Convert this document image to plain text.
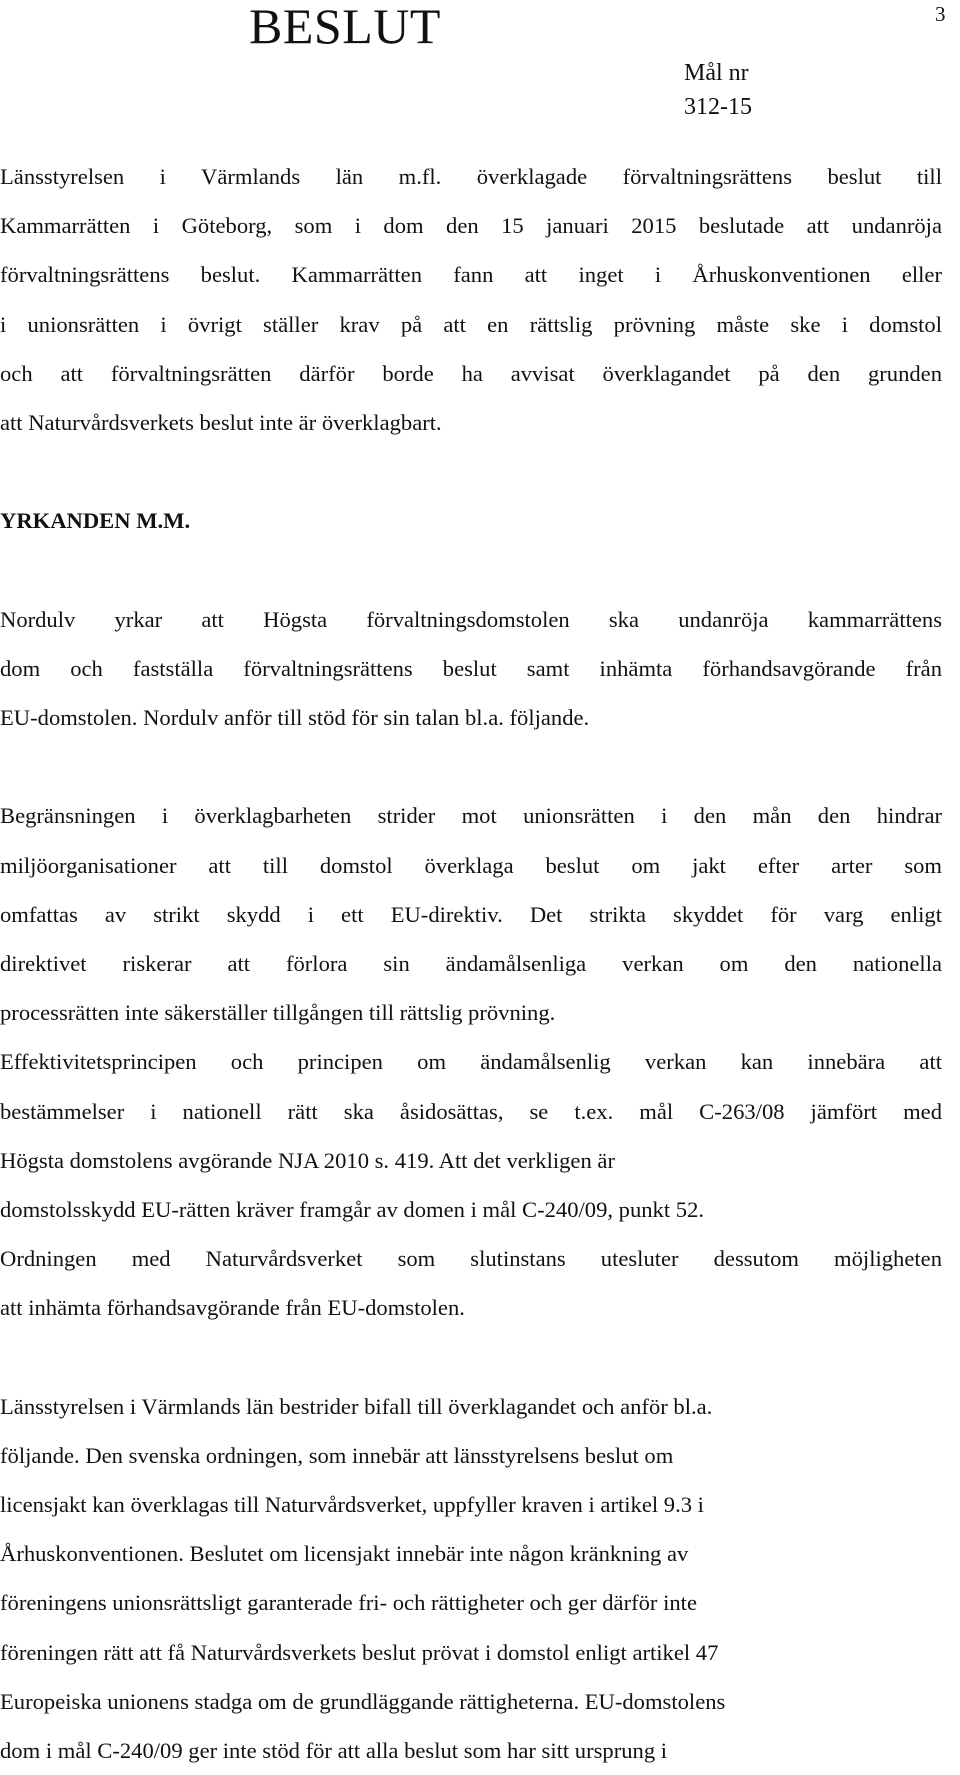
BESLUT	3
Mål nr
312-15
Länsstyrelsen i Värmlands län m.fl. överklagade förvaltningsrättens beslut till
Kammarrätten i Göteborg, som i dom den 15 januari 2015 beslutade att undanröja
förvaltningsrättens beslut. Kammarrätten fann att inget i Århuskonventionen eller
i unionsrätten i övrigt ställer krav på att en rättslig prövning måste ske i domstol
och att förvaltningsrätten därför borde ha avvisat överklagandet på den grunden
att Naturvårdsverkets beslut inte är överklagbart.
YRKANDEN M.M.
Nordulv yrkar att Högsta förvaltningsdomstolen ska undanröja kammarrättens
dom och fastställa förvaltningsrättens beslut samt inhämta förhandsavgörande från
EU-domstolen. Nordulv anför till stöd för sin talan bl.a. följande.
Begränsningen i överklagbarheten strider mot unionsrätten i den mån den hindrar
miljöorganisationer att till domstol överklaga beslut om jakt efter arter som
omfattas av strikt skydd i ett EU-direktiv. Det strikta skyddet för varg enligt
direktivet riskerar att förlora sin ändamålsenliga verkan om den nationella
processrätten inte säkerställer tillgången till rättslig prövning.
Effektivitetsprincipen och principen om ändamålsenlig verkan kan innebära att
bestämmelser i nationell rätt ska åsidosättas, se t.ex. mål C-263/08 jämfört med
Högsta domstolens avgörande NJA 2010 s. 419. Att det verkligen är
domstolsskydd EU-rätten kräver framgår av domen i mål C-240/09, punkt 52.
Ordningen med Naturvårdsverket som slutinstans utesluter dessutom möjligheten
att inhämta förhandsavgörande från EU-domstolen.
Länsstyrelsen i Värmlands län bestrider bifall till överklagandet och anför bl.a.
följande. Den svenska ordningen, som innebär att länsstyrelsens beslut om
licensjakt kan överklagas till Naturvårdsverket, uppfyller kraven i artikel 9.3 i
Århuskonventionen. Beslutet om licensjakt innebär inte någon kränkning av
föreningens unionsrättsligt garanterade fri- och rättigheter och ger därför inte
föreningen rätt att få Naturvårdsverkets beslut prövat i domstol enligt artikel 47
Europeiska unionens stadga om de grundläggande rättigheterna. EU-domstolens
dom i mål C-240/09 ger inte stöd för att alla beslut som har sitt ursprung i
